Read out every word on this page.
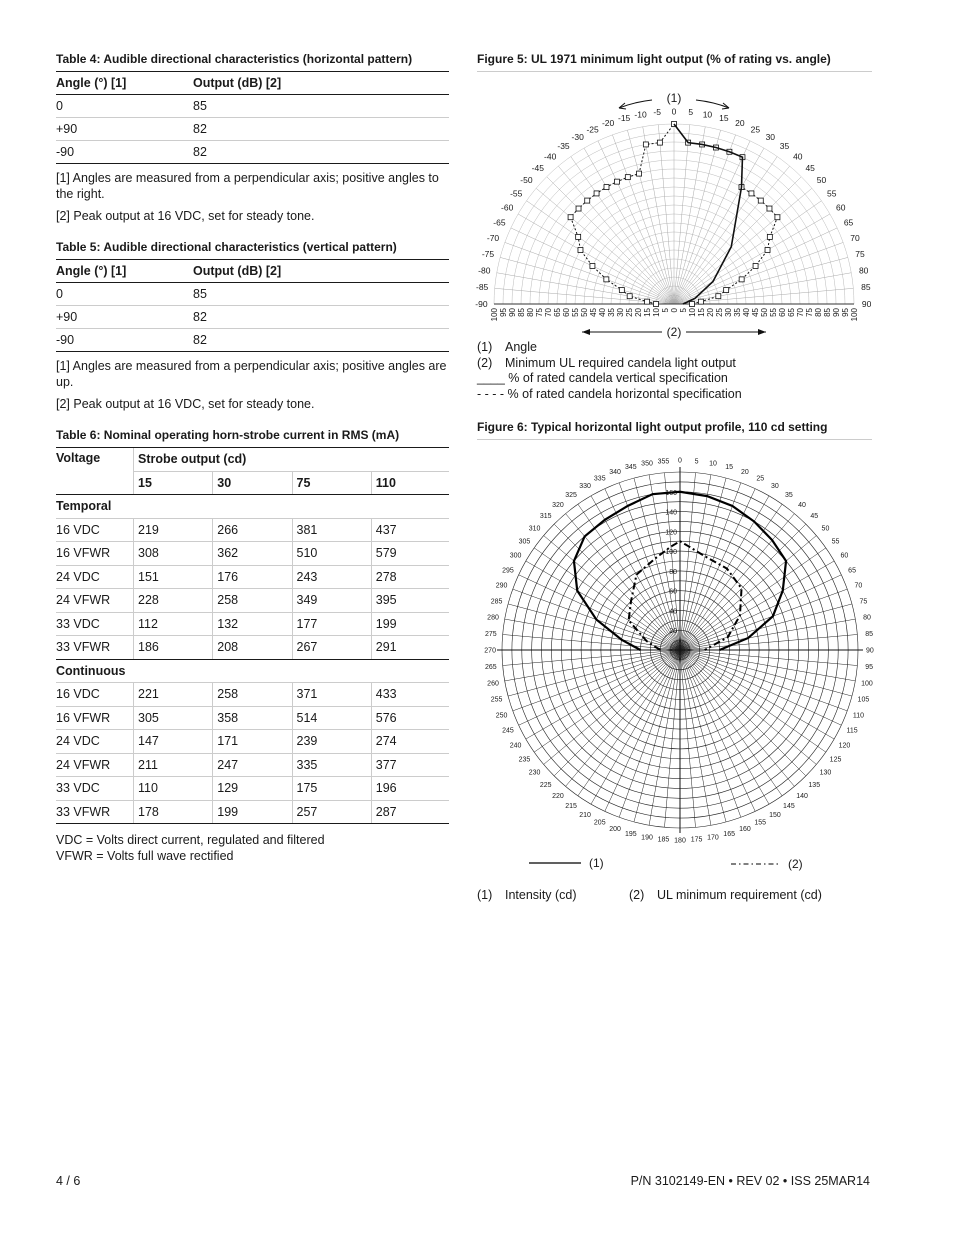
Table 4: Audible directional characteristics (horizontal pattern)
Angle (°) [1]	Output (dB) [2]
0	85
+90	82
-90	82

[1] Angles are measured from a perpendicular axis; positive angles to the right.

[2] Peak output at 16 VDC, set for steady tone.

Table 5: Audible directional characteristics (vertical pattern)
Angle (°) [1]	Output (dB) [2]
0	85
+90	82
-90	82

[1] Angles are measured from a perpendicular axis; positive angles are up.

[2] Peak output at 16 VDC, set for steady tone.

Table 6: Nominal operating horn-strobe current in RMS (mA)
Voltage	Strobe output (cd)			
	15	30	75	110
Temporal				
16 VDC	219	266	381	437
16 VFWR	308	362	510	579
24 VDC	151	176	243	278
24 VFWR	228	258	349	395
33 VDC	112	132	177	199
33 VFWR	186	208	267	291
Continuous				
16 VDC	221	258	371	433
16 VFWR	305	358	514	576
24 VDC	147	171	239	274
24 VFWR	211	247	335	377
33 VDC	110	129	175	196
33 VFWR	178	199	257	287

VDC = Volts direct current, regulated and filtered

VFWR = Volts full wave rectified

Figure 5: UL 1971 minimum light output (% of rating vs. angle)
-90
-85
-80
-75
-70
-65
-60
-55
-50
-45
-40
-35
-30
-25
-20
-15 -10 -5 0 5 10 15
20
25
30
35
40
45
50
55
60
65
70
75
80
85
90
100 95 90 85 80 75 70 65 60 55 50 45 40 35 30 25 20 15 10 5 0 5 10 15 20 25 30 35 40 45 50 55 60 65 70 75 80 85 90 95 100
(1)
(2)
(1) Angle
(2) Minimum UL required candela light output
____ % of rated candela vertical specification
- - - - % of rated candela horizontal specification
Figure 6: Typical horizontal light output profile, 110 cd setting
0 5 10
15
20
25
30
35
40
45
50
55
60
65
70
75
80
85
90
95
100
105
110
115
120
125
130
135
140
145
150
155
160
165
170
175
180
185
190
195
200
205
210
215
220
225
230
235
240
245
250
255
260
265
270
275
280
285
290
295
300
305
310
315
320
325
330
335
340
345
350 355
20
40
60
80
100
120
140
160
(1)	(2)
(1) Intensity (cd)	(2) UL minimum requirement (cd)
4 / 6	P/N 3102149-EN • REV 02 • ISS 25MAR14
